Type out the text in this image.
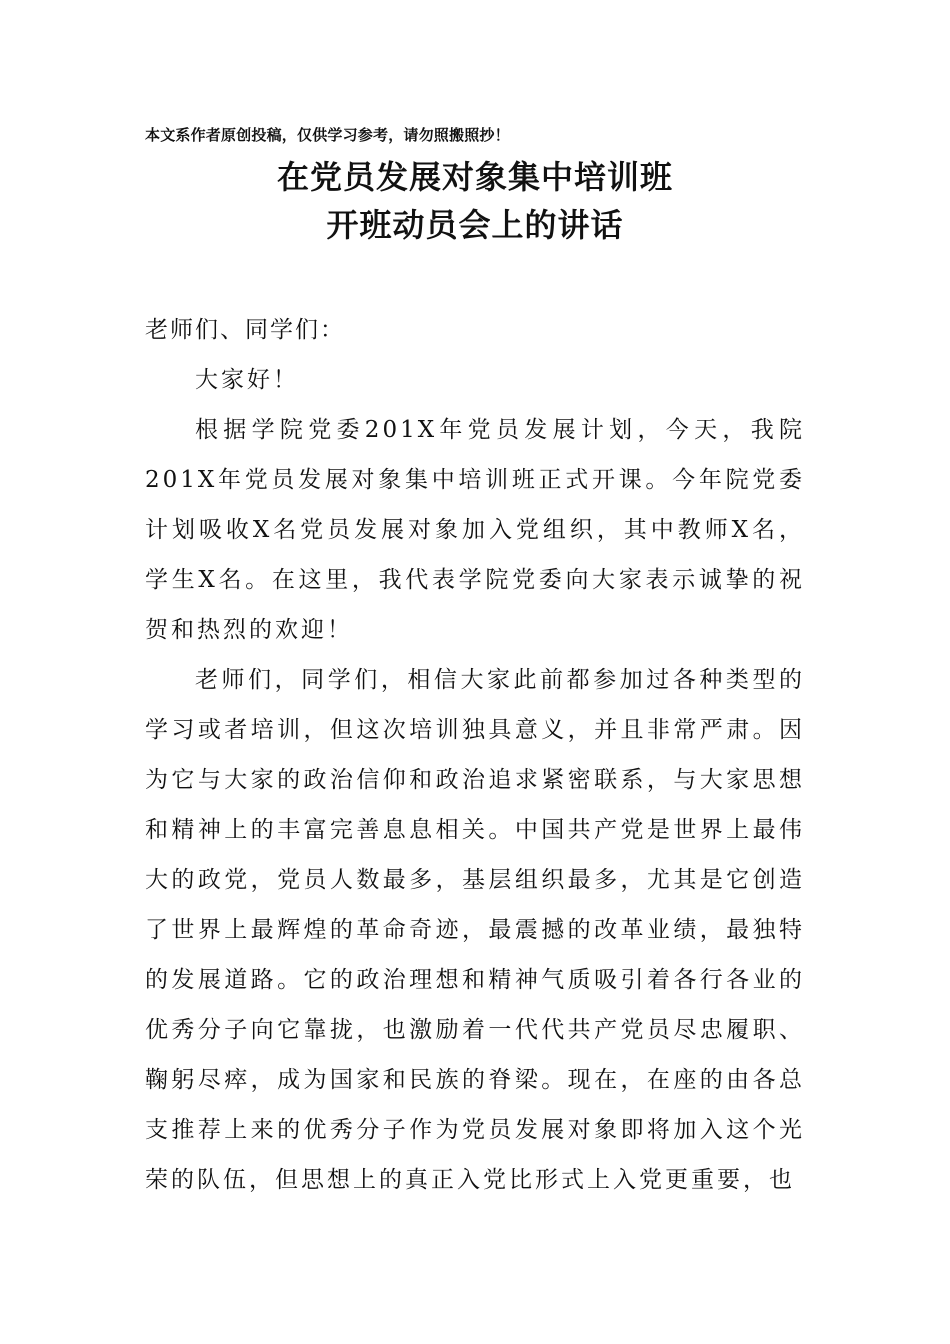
本文系作者原创投稿，仅供学习参考，请勿照搬照抄！
在党员发展对象集中培训班
开班动员会上的讲话

老师们、同学们：

大家好！

根据学院党委201X年党员发展计划，今天，我院201X年党员发展对象集中培训班正式开课。今年院党委计划吸收X名党员发展对象加入党组织，其中教师X名，学生X名。在这里，我代表学院党委向大家表示诚挚的祝贺和热烈的欢迎！

老师们，同学们，相信大家此前都参加过各种类型的学习或者培训，但这次培训独具意义，并且非常严肃。因为它与大家的政治信仰和政治追求紧密联系，与大家思想和精神上的丰富完善息息相关。中国共产党是世界上最伟大的政党，党员人数最多，基层组织最多，尤其是它创造了世界上最辉煌的革命奇迹，最震撼的改革业绩，最独特的发展道路。它的政治理想和精神气质吸引着各行各业的优秀分子向它靠拢，也激励着一代代共产党员尽忠履职、鞠躬尽瘁，成为国家和民族的脊梁。现在，在座的由各总支推荐上来的优秀分子作为党员发展对象即将加入这个光荣的队伍，但思想上的真正入党比形式上入党更重要，也
